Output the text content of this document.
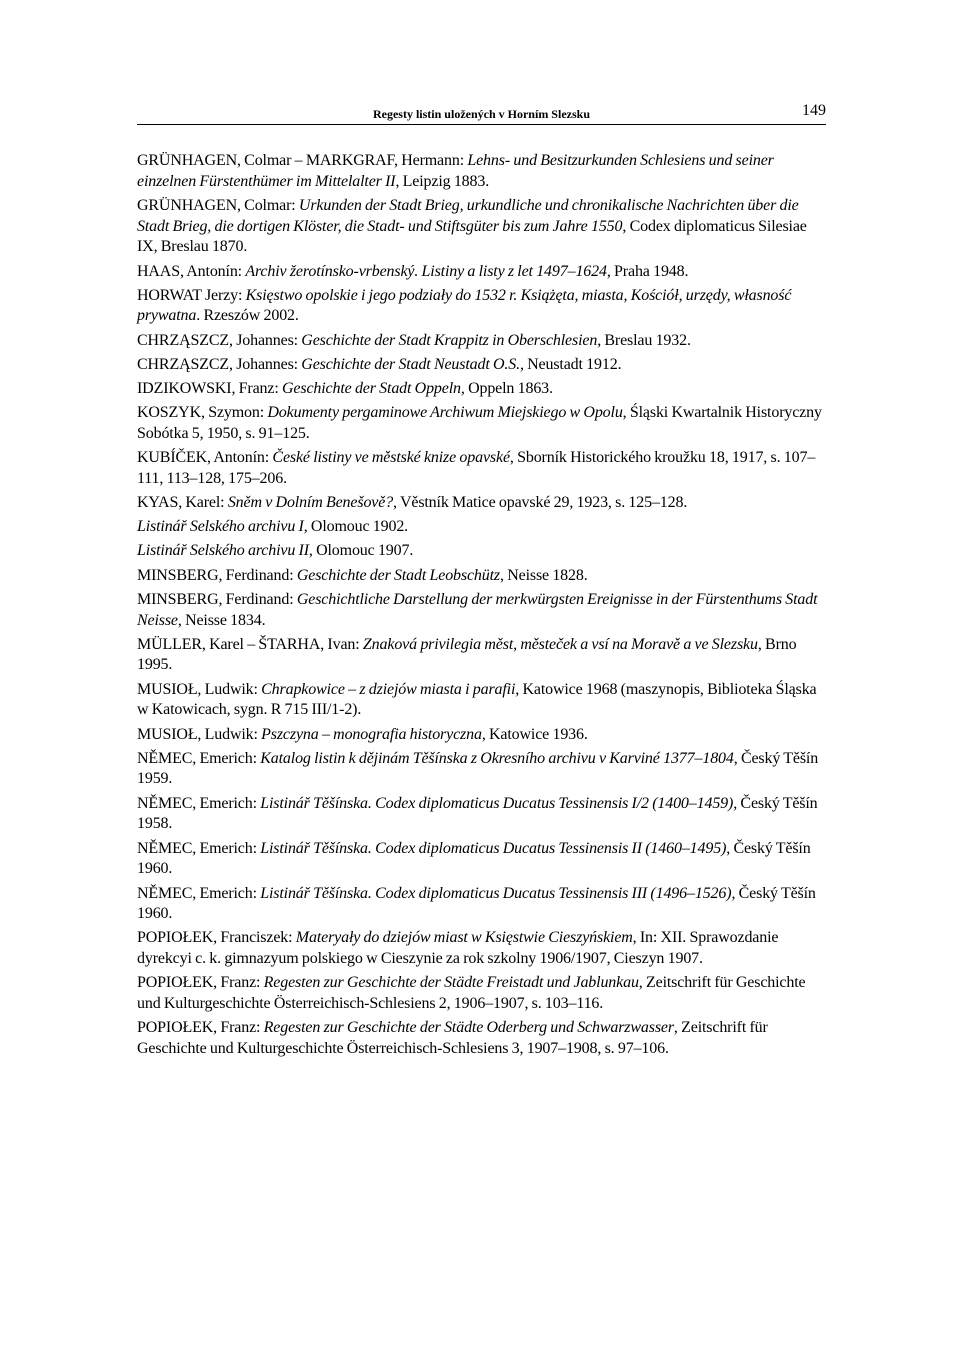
Regesty listin uložených v Horním Slezsku	149

GRÜNHAGEN, Colmar – MARKGRAF, Hermann: Lehns- und Besitzurkunden Schlesiens und seiner einzelnen Fürstenthümer im Mittelalter II, Leipzig 1883.

GRÜNHAGEN, Colmar: Urkunden der Stadt Brieg, urkundliche und chronikalische Nachrichten über die Stadt Brieg, die dortigen Klöster, die Stadt- und Stiftsgüter bis zum Jahre 1550, Codex diplomaticus Silesiae IX, Breslau 1870.

HAAS, Antonín: Archiv žerotínsko-vrbenský. Listiny a listy z let 1497–1624, Praha 1948.

HORWAT Jerzy: Księstwo opolskie i jego podziały do 1532 r. Książęta, miasta, Kościół, urzędy, własność prywatna. Rzeszów 2002.

CHRZĄSZCZ, Johannes: Geschichte der Stadt Krappitz in Oberschlesien, Breslau 1932.

CHRZĄSZCZ, Johannes: Geschichte der Stadt Neustadt O.S., Neustadt 1912.

IDZIKOWSKI, Franz: Geschichte der Stadt Oppeln, Oppeln 1863.

KOSZYK, Szymon: Dokumenty pergaminowe Archiwum Miejskiego w Opolu, Śląski Kwartalnik Historyczny Sobótka 5, 1950, s. 91–125.

KUBÍČEK, Antonín: České listiny ve městské knize opavské, Sborník Historického kroužku 18, 1917, s. 107–111, 113–128, 175–206.

KYAS, Karel: Sněm v Dolním Benešově?, Věstník Matice opavské 29, 1923, s. 125–128.

Listinář Selského archivu I, Olomouc 1902.

Listinář Selského archivu II, Olomouc 1907.

MINSBERG, Ferdinand: Geschichte der Stadt Leobschütz, Neisse 1828.

MINSBERG, Ferdinand: Geschichtliche Darstellung der merkwürgsten Ereignisse in der Fürstenthums Stadt Neisse, Neisse 1834.

MÜLLER, Karel – ŠTARHA, Ivan: Znaková privilegia měst, městeček a vsí na Moravě a ve Slezsku, Brno 1995.

MUSIOŁ, Ludwik: Chrapkowice – z dziejów miasta i parafii, Katowice 1968 (maszynopis, Biblioteka Śląska w Katowicach, sygn. R 715 III/1-2).

MUSIOŁ, Ludwik: Pszczyna – monografia historyczna, Katowice 1936.

NĚMEC, Emerich: Katalog listin k dějinám Těšínska z Okresního archivu v Karviné 1377–1804, Český Těšín 1959.

NĚMEC, Emerich: Listinář Těšínska. Codex diplomaticus Ducatus Tessinensis I/2 (1400–1459), Český Těšín 1958.

NĚMEC, Emerich: Listinář Těšínska. Codex diplomaticus Ducatus Tessinensis II (1460–1495), Český Těšín 1960.

NĚMEC, Emerich: Listinář Těšínska. Codex diplomaticus Ducatus Tessinensis III (1496–1526), Český Těšín 1960.

POPIOŁEK, Franciszek: Materyały do dziejów miast w Księstwie Cieszyńskiem, In: XII. Sprawozdanie dyrekcyi c. k. gimnazyum polskiego w Cieszynie za rok szkolny 1906/1907, Cieszyn 1907.

POPIOŁEK, Franz: Regesten zur Geschichte der Städte Freistadt und Jablunkau, Zeitschrift für Geschichte und Kulturgeschichte Österreichisch-Schlesiens 2, 1906–1907, s. 103–116.

POPIOŁEK, Franz: Regesten zur Geschichte der Städte Oderberg und Schwarzwasser, Zeitschrift für Geschichte und Kulturgeschichte Österreichisch-Schlesiens 3, 1907–1908, s. 97–106.
